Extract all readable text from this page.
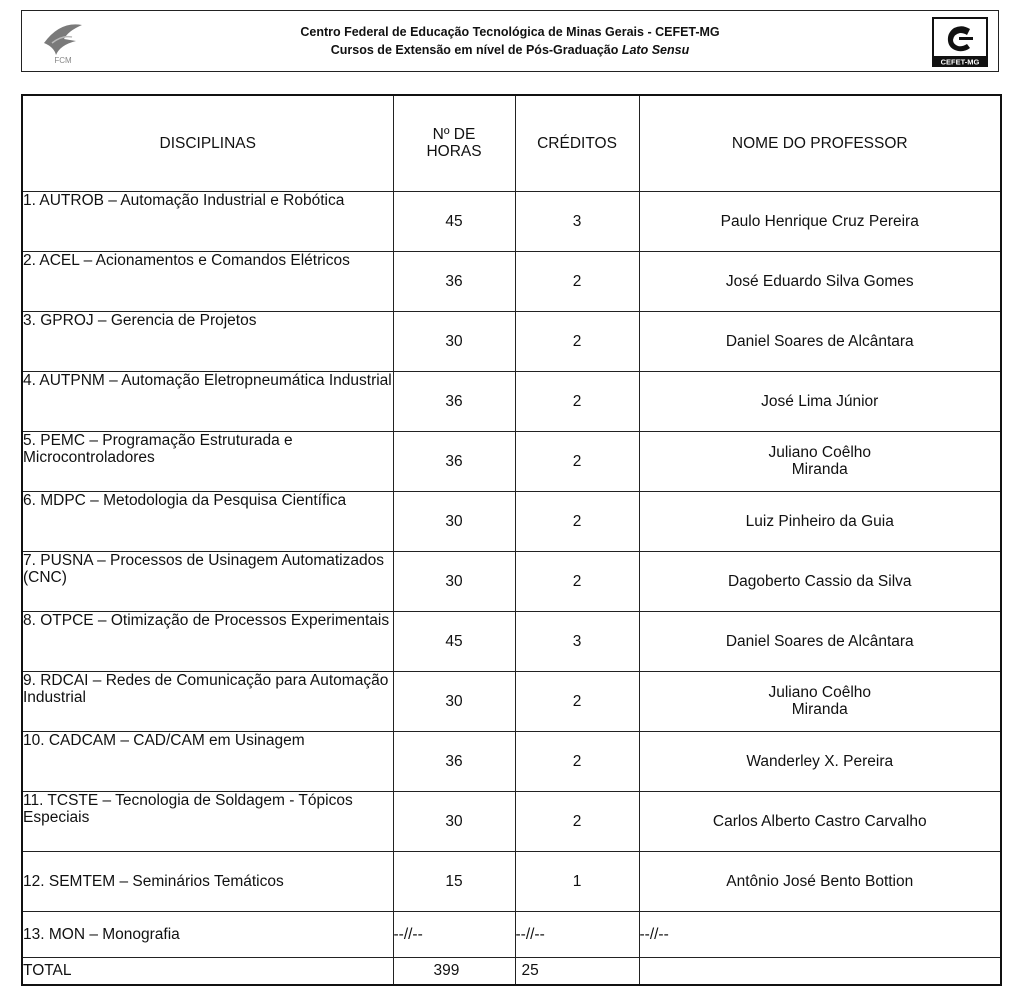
FCM
Centro Federal de Educação Tecnológica de Minas Gerais - CEFET-MG
Cursos de Extensão em nível de Pós-Graduação Lato Sensu
CEFET-MG
DISCIPLINAS	Nº DE HORAS	CRÉDITOS	NOME DO PROFESSOR
1. AUTROB – Automação Industrial e Robótica	45	3	Paulo Henrique Cruz Pereira
2. ACEL – Acionamentos e Comandos Elétricos	36	2	José Eduardo Silva Gomes
3. GPROJ – Gerencia de Projetos	30	2	Daniel Soares de Alcântara
4. AUTPNM – Automação Eletropneumática Industrial	36	2	José Lima Júnior
5. PEMC – Programação Estruturada e Microcontroladores	36	2	Juliano Coêlho Miranda
6. MDPC – Metodologia da Pesquisa Científica	30	2	Luiz Pinheiro da Guia
7. PUSNA – Processos de Usinagem Automatizados (CNC)	30	2	Dagoberto Cassio da Silva
8. OTPCE – Otimização de Processos Experimentais	45	3	Daniel Soares de Alcântara
9. RDCAI – Redes de Comunicação para Automação Industrial	30	2	Juliano Coêlho Miranda
10. CADCAM – CAD/CAM em Usinagem	36	2	Wanderley X. Pereira
11. TCSTE – Tecnologia de Soldagem - Tópicos Especiais	30	2	Carlos Alberto Castro Carvalho
12. SEMTEM – Seminários Temáticos	15	1	Antônio José Bento Bottion
13. MON – Monografia	--//--	--//--	--//--
TOTAL	399	25	
